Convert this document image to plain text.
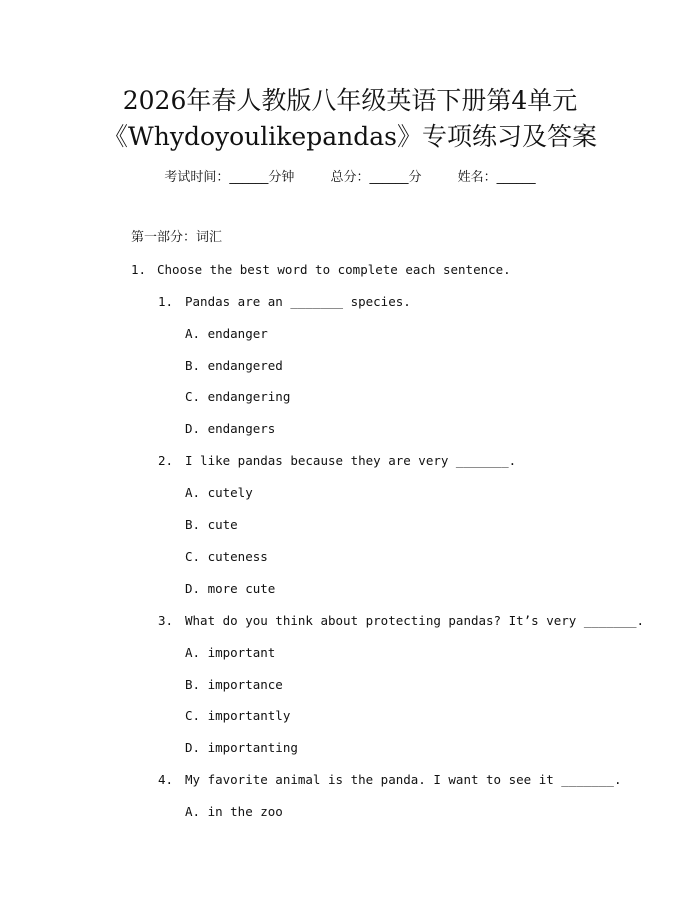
2026年春人教版八年级英语下册第4单元
《Whydoyoulikepandas》专项练习及答案
考试时间：______分钟	总分：______分	姓名：______
第一部分：词汇
1. Choose the best word to complete each sentence.
1. Pandas are an _______ species.
A. endanger
B. endangered
C. endangering
D. endangers
2. I like pandas because they are very _______.
A. cutely
B. cute
C. cuteness
D. more cute
3. What do you think about protecting pandas? It’s very _______.
A. important
B. importance
C. importantly
D. importanting
4. My favorite animal is the panda. I want to see it _______.
A. in the zoo
